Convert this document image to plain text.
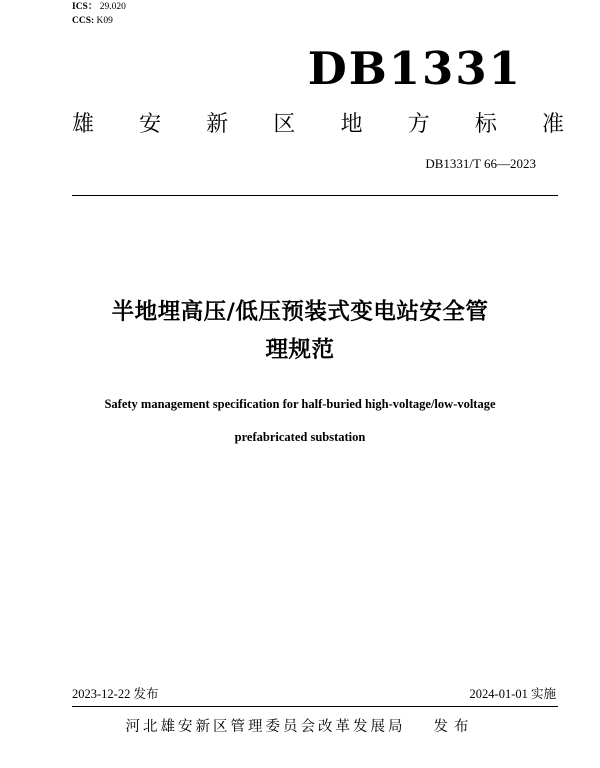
ICS： 29.020
CCS: K09
DB1331
雄 安 新 区 地 方 标 准
DB1331/T 66—2023
半地埋高压/低压预装式变电站安全管
理规范
Safety management specification for half-buried high-voltage/low-voltage
prefabricated substation
2023-12-22 发布	2024-01-01 实施
河北雄安新区管理委员会改革发展局 发布
